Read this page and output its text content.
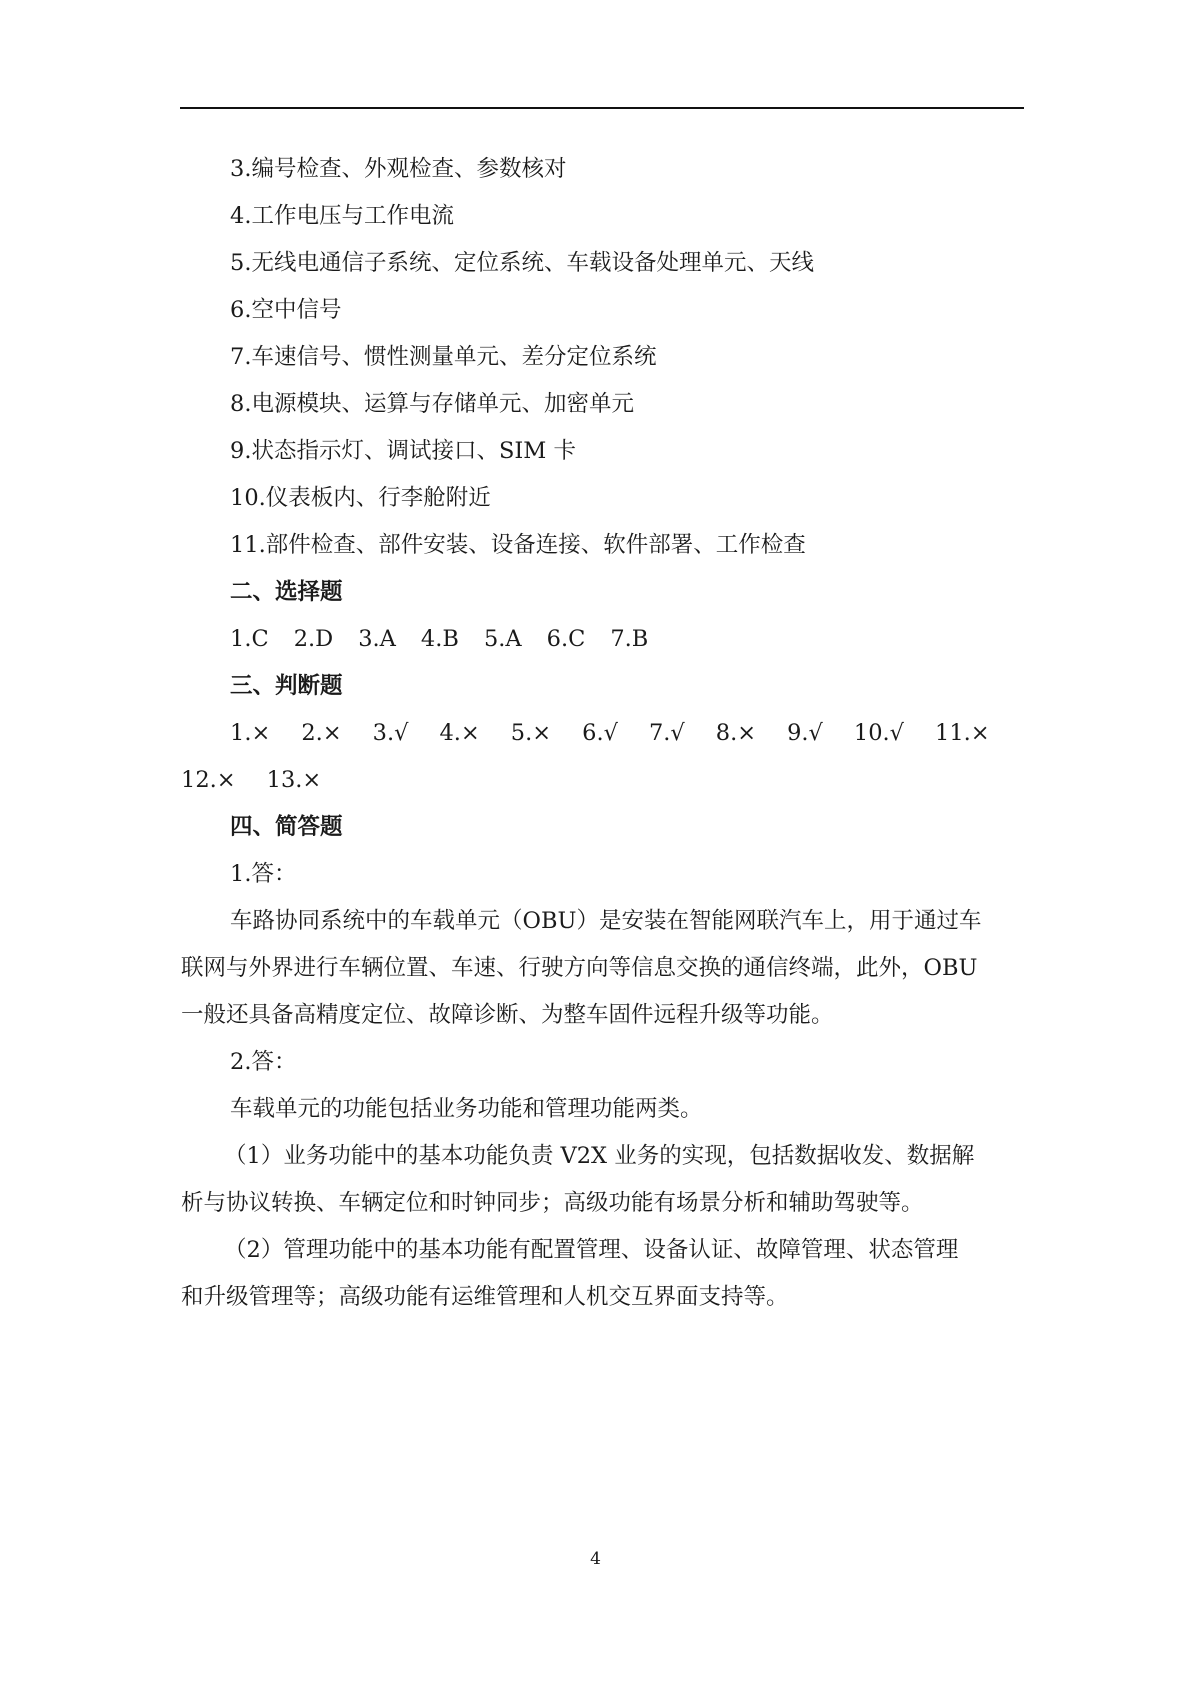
3.编号检查、外观检查、参数核对
4.工作电压与工作电流
5.无线电通信子系统、定位系统、车载设备处理单元、天线
6.空中信号
7.车速信号、惯性测量单元、差分定位系统
8.电源模块、运算与存储单元、加密单元
9.状态指示灯、调试接口、SIM 卡
10.仪表板内、行李舱附近
11.部件检查、部件安装、设备连接、软件部署、工作检查
二、选择题
1.C 2.D 3.A 4.B 5.A 6.C 7.B
三、判断题
1.× 2.× 3.√ 4.× 5.× 6.√ 7.√ 8.× 9.√ 10.√ 11.×
12.× 13.×
四、简答题
1.答：
车路协同系统中的车载单元（OBU）是安装在智能网联汽车上，用于通过车
联网与外界进行车辆位置、车速、行驶方向等信息交换的通信终端，此外，OBU
一般还具备高精度定位、故障诊断、为整车固件远程升级等功能。
2.答：
车载单元的功能包括业务功能和管理功能两类。
（1）业务功能中的基本功能负责 V2X 业务的实现，包括数据收发、数据解
析与协议转换、车辆定位和时钟同步；高级功能有场景分析和辅助驾驶等。
（2）管理功能中的基本功能有配置管理、设备认证、故障管理、状态管理
和升级管理等；高级功能有运维管理和人机交互界面支持等。
4
